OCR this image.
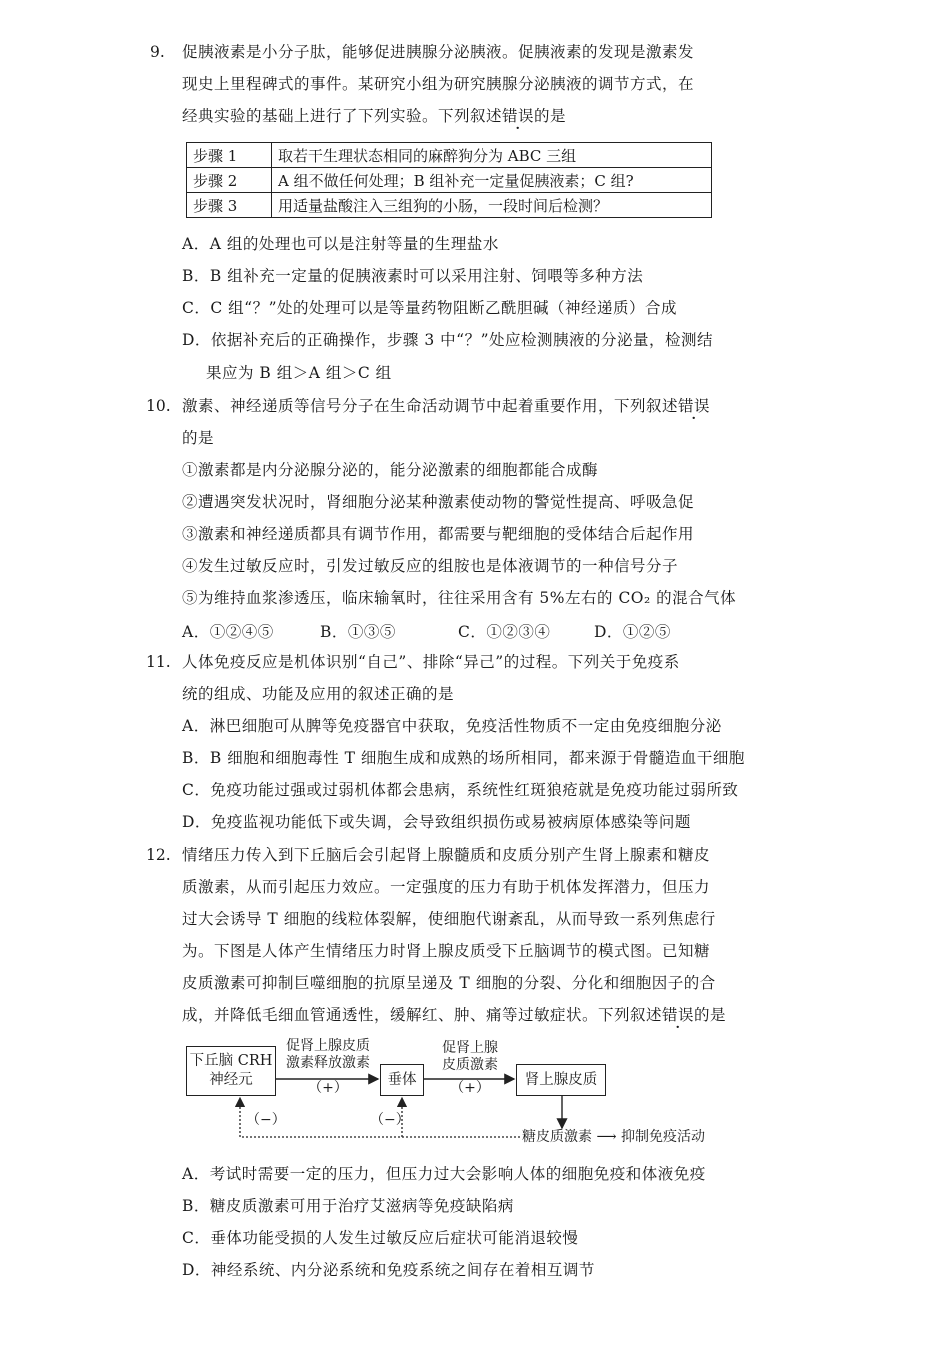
9. 促胰液素是小分子肽，能够促进胰腺分泌胰液。促胰液素的发现是激素发
现史上里程碑式的事件。某研究小组为研究胰腺分泌胰液的调节方式，在
经典实验的基础上进行了下列实验。下列叙述错误的是
步骤 1	取若干生理状态相同的麻醉狗分为 ABC 三组
步骤 2	A 组不做任何处理；B 组补充一定量促胰液素；C 组?
步骤 3	用适量盐酸注入三组狗的小肠，一段时间后检测？
A．A 组的处理也可以是注射等量的生理盐水
B．B 组补充一定量的促胰液素时可以采用注射、饲喂等多种方法
C．C 组“？”处的处理可以是等量药物阻断乙酰胆碱（神经递质）合成
D．依据补充后的正确操作，步骤 3 中“？”处应检测胰液的分泌量，检测结
果应为 B 组＞A 组＞C 组
10. 激素、神经递质等信号分子在生命活动调节中起着重要作用，下列叙述错误
的是
①激素都是内分泌腺分泌的，能分泌激素的细胞都能合成酶
②遭遇突发状况时，肾细胞分泌某种激素使动物的警觉性提高、呼吸急促
③激素和神经递质都具有调节作用，都需要与靶细胞的受体结合后起作用
④发生过敏反应时，引发过敏反应的组胺也是体液调节的一种信号分子
⑤为维持血浆渗透压，临床输氧时，往往采用含有 5%左右的 CO₂ 的混合气体
A．①②④⑤	B．①③⑤	C．①②③④	D．①②⑤
11. 人体免疫反应是机体识别“自己”、排除“异己”的过程。下列关于免疫系
统的组成、功能及应用的叙述正确的是
A．淋巴细胞可从脾等免疫器官中获取，免疫活性物质不一定由免疫细胞分泌
B．B 细胞和细胞毒性 T 细胞生成和成熟的场所相同，都来源于骨髓造血干细胞
C．免疫功能过强或过弱机体都会患病，系统性红斑狼疮就是免疫功能过弱所致
D．免疫监视功能低下或失调，会导致组织损伤或易被病原体感染等问题
12. 情绪压力传入到下丘脑后会引起肾上腺髓质和皮质分别产生肾上腺素和糖皮
质激素，从而引起压力效应。一定强度的压力有助于机体发挥潜力，但压力
过大会诱导 T 细胞的线粒体裂解，使细胞代谢紊乱，从而导致一系列焦虑行
为。下图是人体产生情绪压力时肾上腺皮质受下丘脑调节的模式图。已知糖
皮质激素可抑制巨噬细胞的抗原呈递及 T 细胞的分裂、分化和细胞因子的合
成，并降低毛细血管通透性，缓解红、肿、痛等过敏症状。下列叙述错误的是
下丘脑 CRH
神经元
促肾上腺皮质
激素释放激素
（+）
垂体
促肾上腺
皮质激素
（+）
肾上腺皮质
（−）	（−）
糖皮质激素 ⟶ 抑制免疫活动
A．考试时需要一定的压力，但压力过大会影响人体的细胞免疫和体液免疫
B．糖皮质激素可用于治疗艾滋病等免疫缺陷病
C．垂体功能受损的人发生过敏反应后症状可能消退较慢
D．神经系统、内分泌系统和免疫系统之间存在着相互调节
